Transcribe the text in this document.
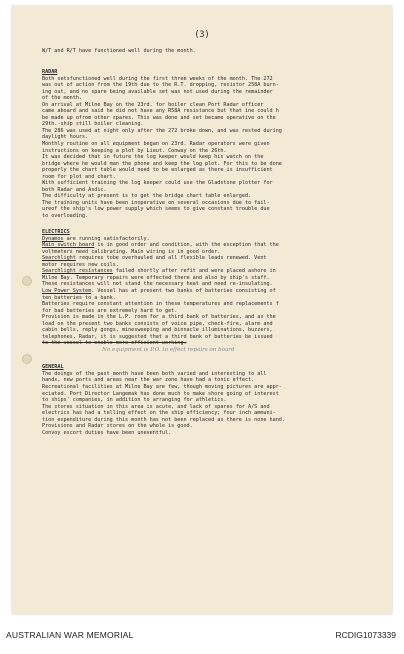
(3)
W/T and R/T have functioned well during the month.
RADAR
Both setsfunctioned well during the first three weeks of the month. The 272
was out of action from the 19th due to the R.T. dropping, resistor 258A burn-
ing out, and no spare being available set was not used during the remainder
of the month.
On arrival at Milne Bay on the 23rd. for boiler clean Port Radar officer
came aboard and said he did not have any R58A resistance but that ine could h
be made up ofrom other spares. This was done and set became operative on the
29th.-ship still boiler cleaning.
The 286 was used at night only after the 272 broke down, and was rested during
daylight hours.
Monthly routine on all equipment began on 23rd. Radar operators were given
instructions on keeping a plot by Lieut. Conway on the 26th.
It was decided that in future the log keeper would keep his watch on the
bridge where he would man the phone and keep the log plot. For this to be done
properly the chart table would need to be enlarged as there is insufficient
room for plot and chart.
With sufficient training the log keeper could use the Gladstone plotter for
both Radar and Asdic.
The difficulty at present is to get the bridge chart table enlarged.
The training units have been inoperative on several occasions due to fail-
ureof the ship's low power supply which seems to give constant trouble due
to overloading.
ELECTRICS
Dynamos are running satisfactorily.
Main switch board is in good order and condition, with the exception that the
voltmeters need calibrating. Main wiring is in good order.
Searchlight requires tobe overhauled and all flexible leads renewed. Vent
motor requires new coils.
Searchlight resistances failed shortly after refit and were placed ashore in
Milne Bay. Temporary repairs were effected there and also by ship's staff.
These resistances will not stand the necessary heat and need re-insulating.
Low Power System. Vessel has at present two banks of batteries consisting of
ten batteries to a bank.
Batteries require constant attention in these temperatures and replacements f
for bad batteries are extremely hard to get.
Provision is made in the L.P. room for a third bank of batteries, and as the
load on the present two banks consists of voice pipe, check-fire, alarm and
cabin bells, reply gongs, minesweeping and binnacle illuminations, buzzers,
telephones, Radar, it is suggested that a third bank of batteries be issued
to the vessel to enable more efficient working.
No equipment is P.O. to effect repairs on board
GENERAL
The doings of the past month have been both varied and interesting to all
hands, new ports and areas near the war zone have had a tonic effect.
Recreational facilities at Milne Bay are few, though moving pictures are appr-
eciated. Port Director Langemak has done much to make shore going of interest
to ships' companies, in addition to arranging for athletics.
The stores situation in this area is acute, and lack of spares for A/S and
electrics has had a telling effect on the ship efficiency; four inch ammuni-
tion expenditure during this month has not been replaced as there is none hand.
Provisions and Radar stores on the whole is good.
Convoy escort duties have been uneventful.
AUSTRALIAN WAR MEMORIAL	RCDIG1073339
